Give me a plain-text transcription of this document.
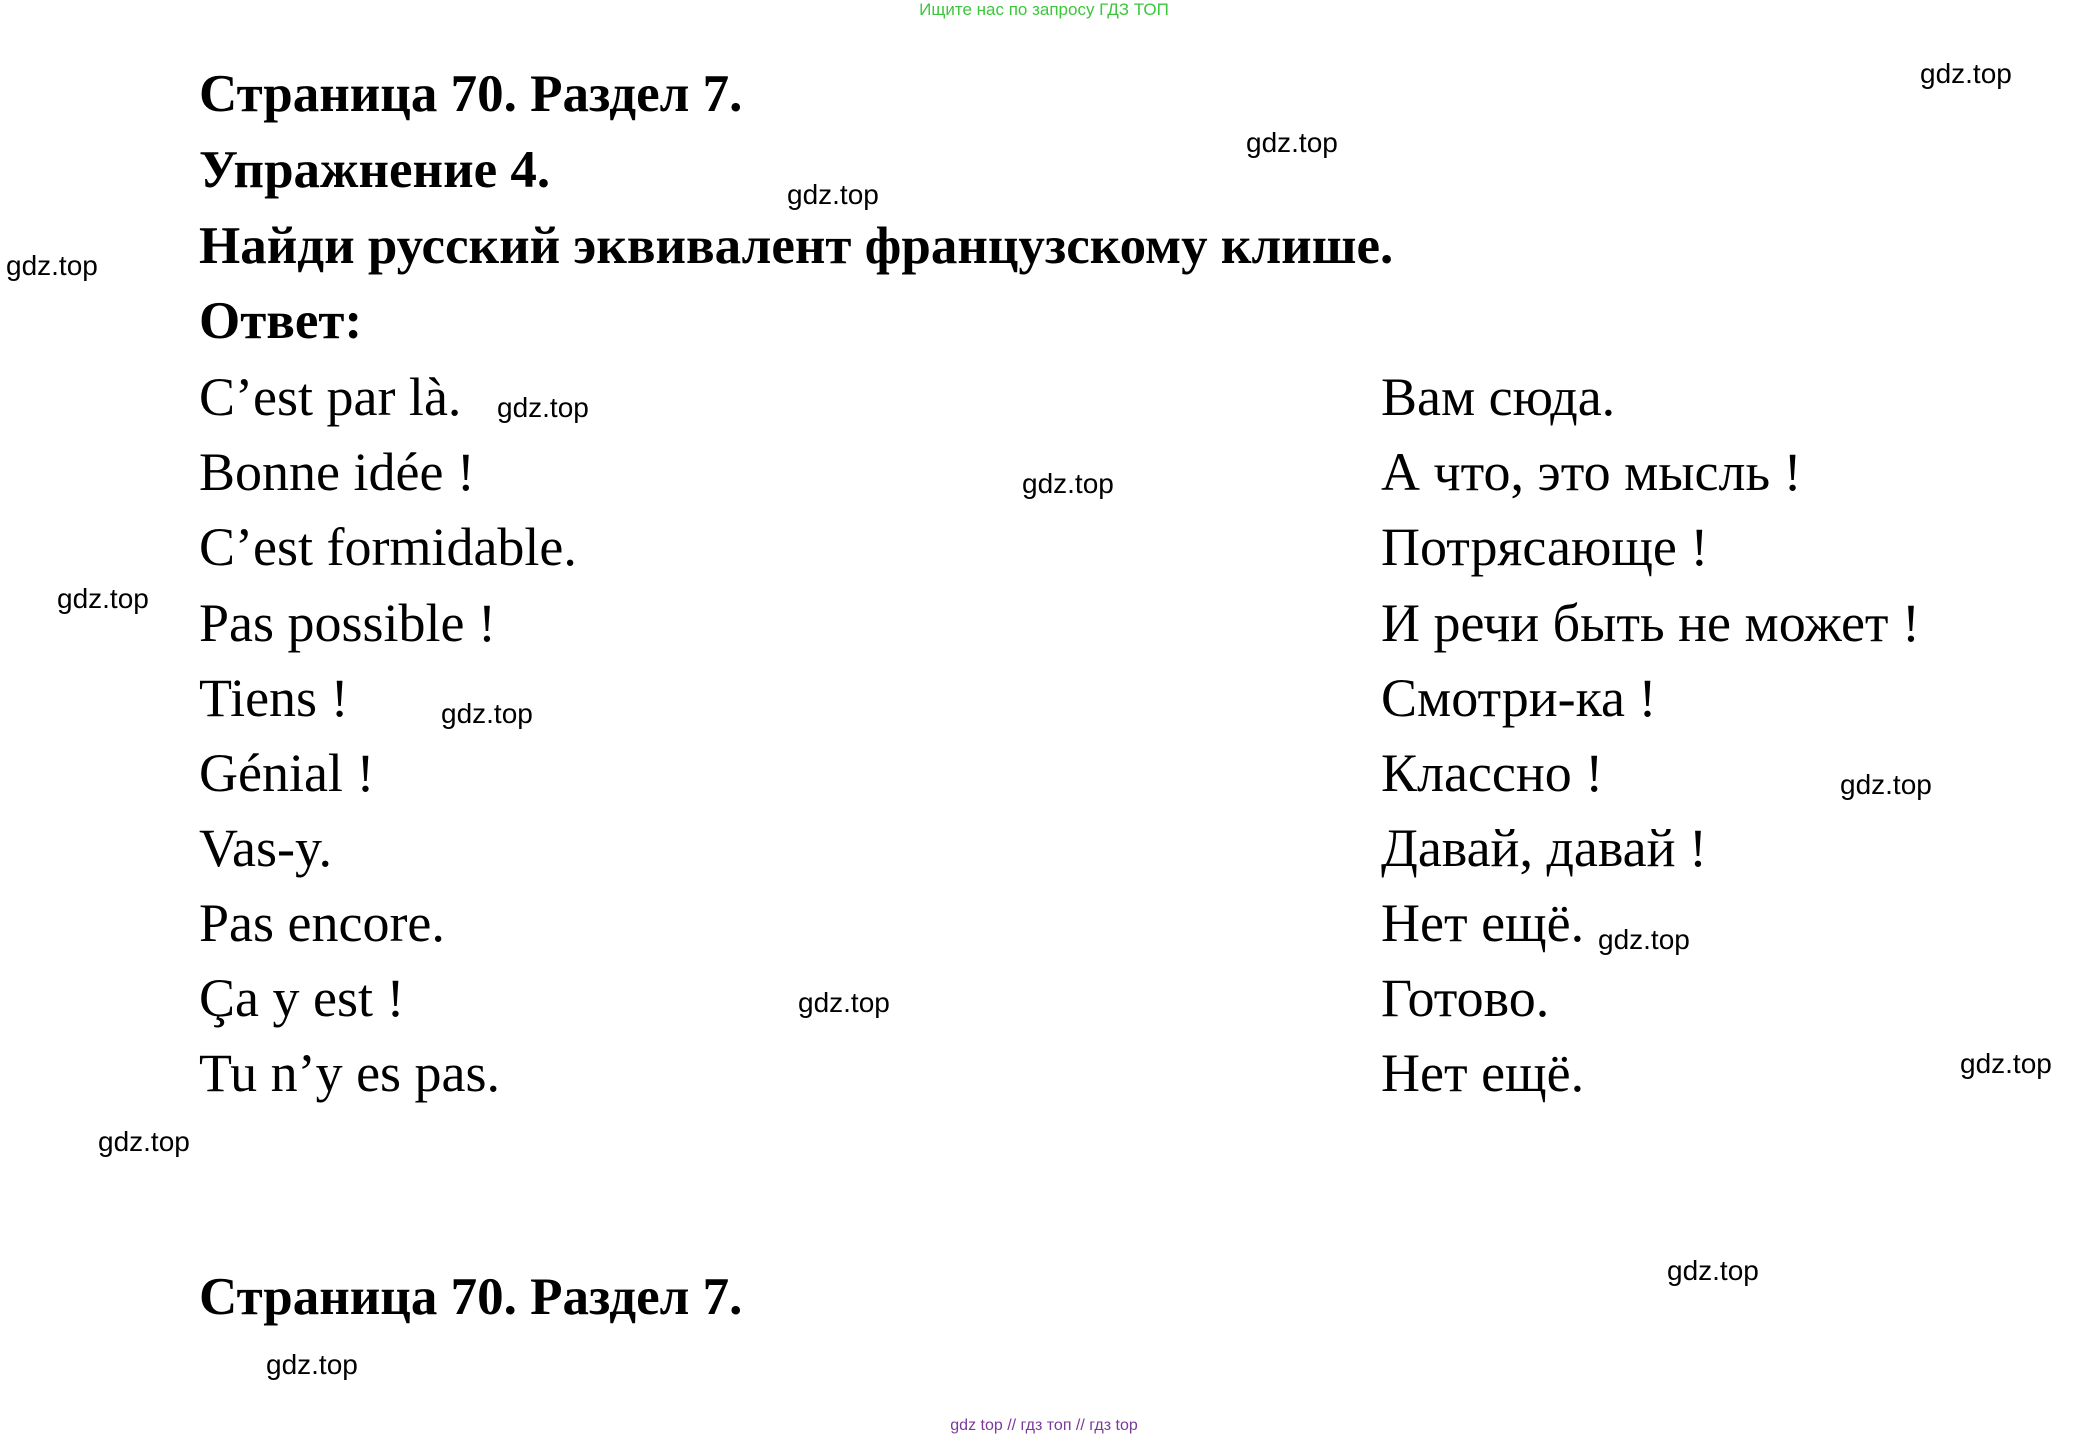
Ищите нас по запросу ГДЗ ТОП
Страница 70. Раздел 7.
Упражнение 4.
Найди русский эквивалент французскому клише.
Ответ:
C’est par là.	Вам сюда.
Bonne idée !	А что, это мысль !
C’est formidable.	Потрясающе !
Pas possible !	И речи быть не может !
Tiens !	Смотри-ка !
Génial !	Классно !
Vas-y.	Давай, давай !
Pas encore.	Нет ещё.
Ça y est !	Готово.
Tu n’y es pas.	Нет ещё.
Страница 70. Раздел 7.
gdz.top
gdz.top
gdz.top
gdz.top
gdz.top
gdz.top
gdz.top
gdz.top
gdz.top
gdz.top
gdz.top
gdz.top
gdz.top
gdz.top
gdz.top
gdz top // гдз топ // гдз top
